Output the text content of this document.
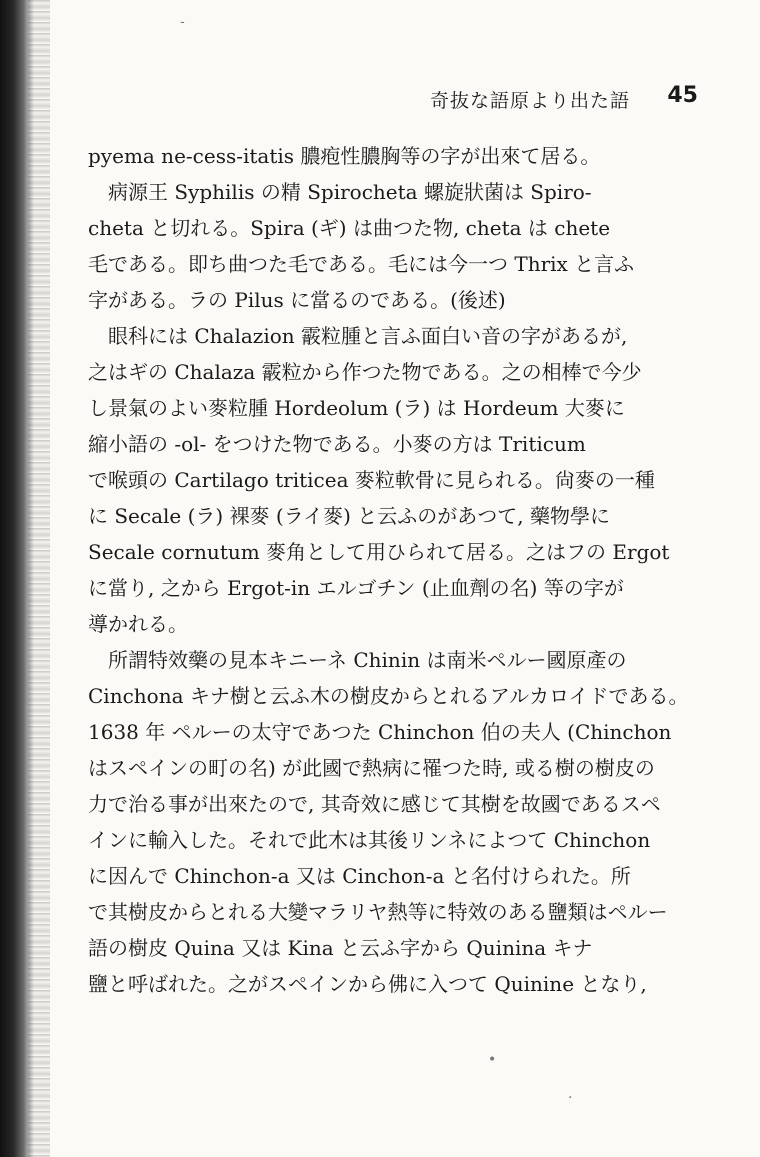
奇抜な語原より出た語 45
pyema ne-cess-itatis 膿疱性膿胸等の字が出來て居る。
病源王 Syphilis の精 Spirocheta 螺旋狀菌は Spiro-
cheta と切れる。Spira (ギ) は曲つた物, cheta は chete
毛である。即ち曲つた毛である。毛には今一つ Thrix と言ふ
字がある。ラの Pilus に當るのである。(後述)
眼科には Chalazion 霰粒腫と言ふ面白い音の字があるが,
之はギの Chalaza 霰粒から作つた物である。之の相棒で今少
し景氣のよい麥粒腫 Hordeolum (ラ) は Hordeum 大麥に
縮小語の -ol- をつけた物である。小麥の方は Triticum
で喉頭の Cartilago triticea 麥粒軟骨に見られる。尙麥の一種
に Secale (ラ) 裸麥 (ライ麥) と云ふのがあつて, 藥物學に
Secale cornutum 麥角として用ひられて居る。之はフの Ergot
に當り, 之から Ergot-in エルゴチン (止血劑の名) 等の字が
導かれる。
所謂特效藥の見本キニーネ Chinin は南米ペルー國原產の
Cinchona キナ樹と云ふ木の樹皮からとれるアルカロイドである。
1638 年 ペルーの太守であつた Chinchon 伯の夫人 (Chinchon
はスペインの町の名) が此國で熱病に罹つた時, 或る樹の樹皮の
力で治る事が出來たので, 其奇效に感じて其樹を故國であるスペ
インに輸入した。それで此木は其後リンネによつて Chinchon
に因んで Chinchon-a 又は Cinchon-a と名付けられた。所
で其樹皮からとれる大變マラリヤ熱等に特效のある鹽類はペルー
語の樹皮 Quina 又は Kina と云ふ字から Quinina キナ
鹽と呼ばれた。之がスペインから佛に入つて Quinine となり,
-
•
·
